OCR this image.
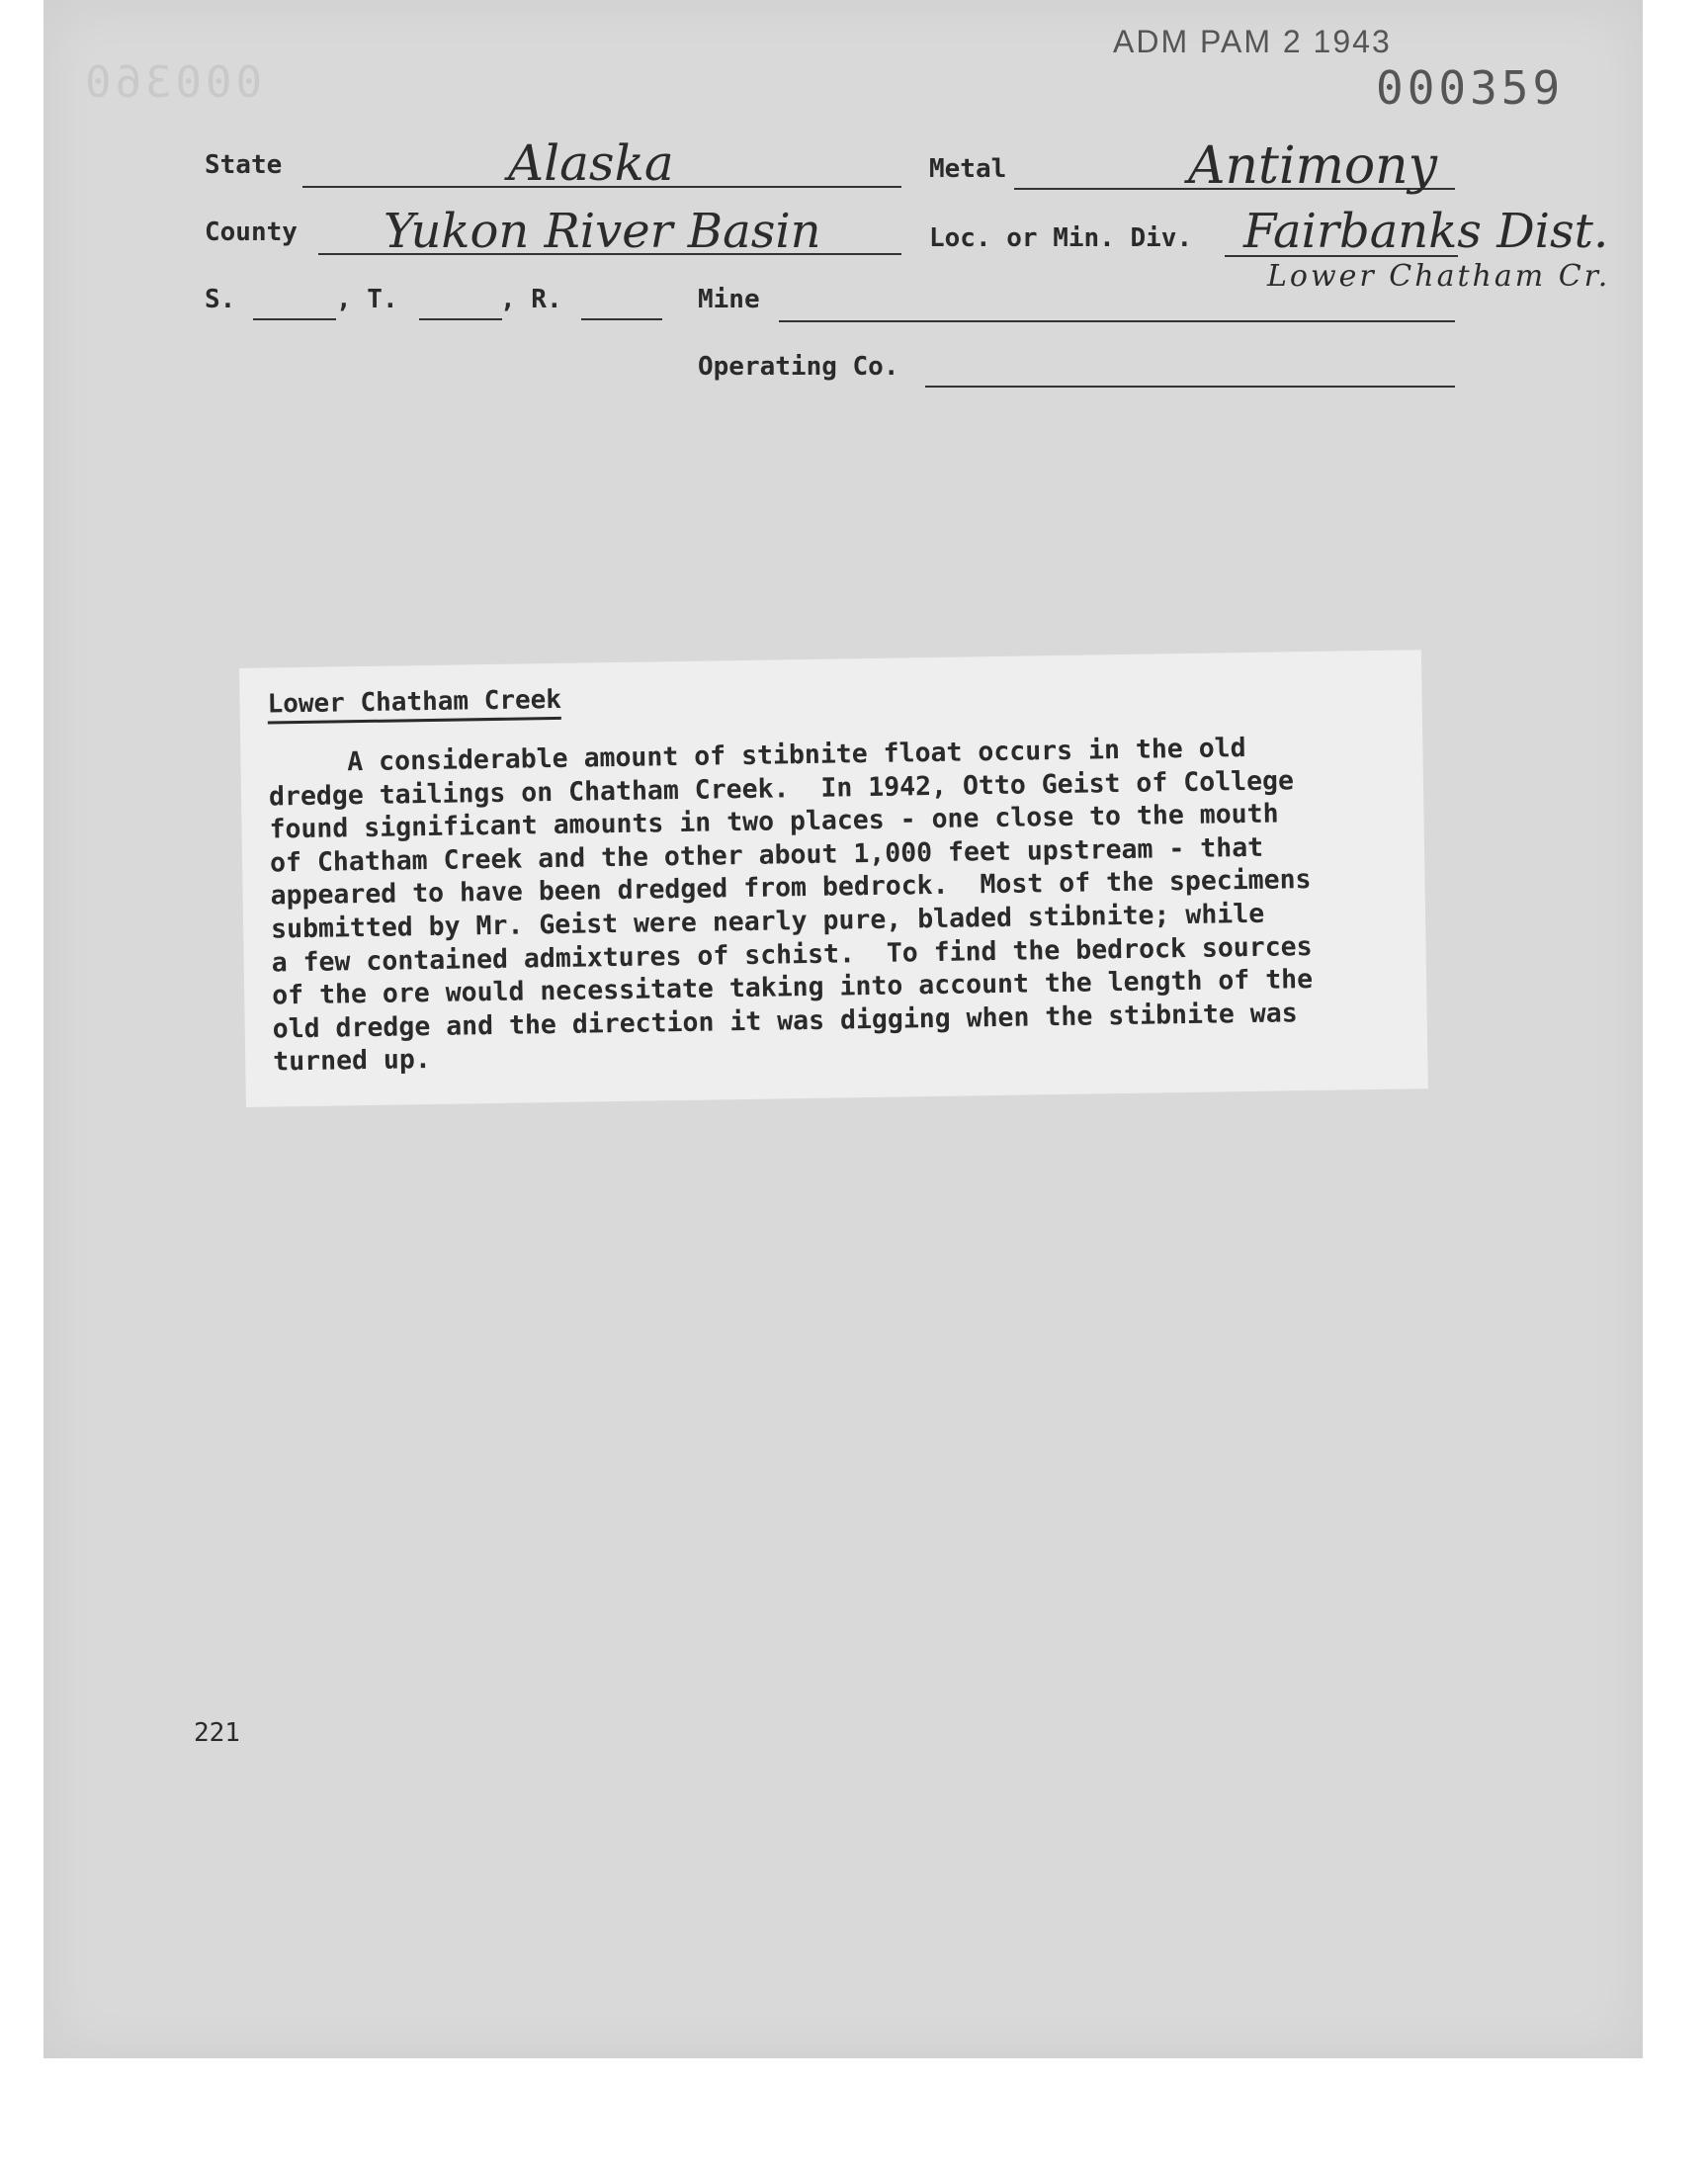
000360
ADM PAM 2 1943
000359
State	Alaska	Metal	Antimony
County Yukon River Basin	Loc. or Min. Div. Fairbanks Dist.
Lower Chatham Cr.
S.	, T.	, R.	Mine
Operating Co.
Lower Chatham Creek
A considerable amount of stibnite float occurs in the old
dredge tailings on Chatham Creek.  In 1942, Otto Geist of College
found significant amounts in two places - one close to the mouth
of Chatham Creek and the other about 1,000 feet upstream - that
appeared to have been dredged from bedrock.  Most of the specimens
submitted by Mr. Geist were nearly pure, bladed stibnite; while
a few contained admixtures of schist.  To find the bedrock sources
of the ore would necessitate taking into account the length of the
old dredge and the direction it was digging when the stibnite was
turned up.
221
